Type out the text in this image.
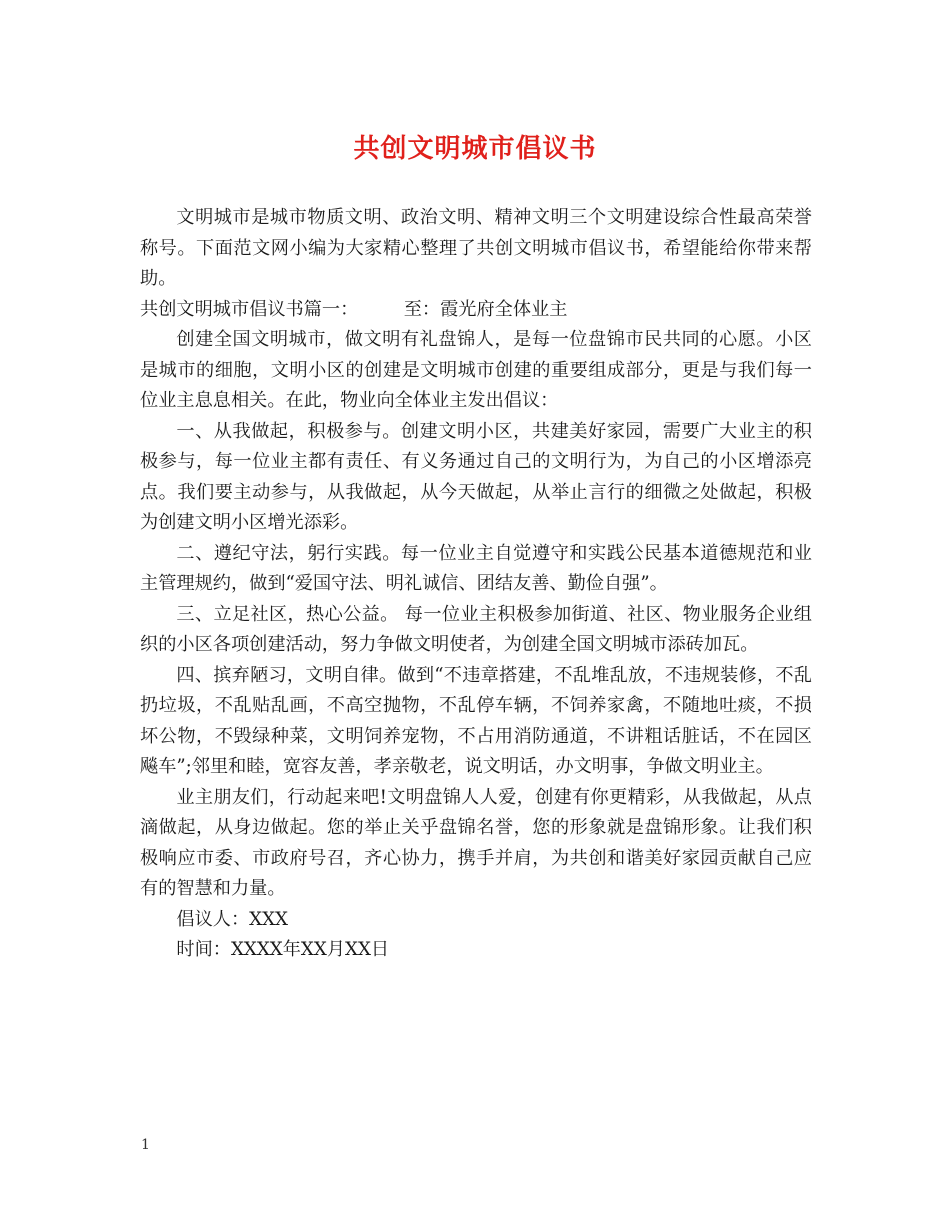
共创文明城市倡议书

文明城市是城市物质文明、政治文明、精神文明三个文明建设综合性最高荣誉称号。下面范文网小编为大家精心整理了共创文明城市倡议书，希望能给你带来帮助。

共创文明城市倡议书篇一：　　　至：霞光府全体业主

创建全国文明城市，做文明有礼盘锦人，是每一位盘锦市民共同的心愿。小区是城市的细胞，文明小区的创建是文明城市创建的重要组成部分，更是与我们每一位业主息息相关。在此，物业向全体业主发出倡议：

一、从我做起，积极参与。创建文明小区，共建美好家园，需要广大业主的积极参与，每一位业主都有责任、有义务通过自己的文明行为，为自己的小区增添亮点。我们要主动参与，从我做起，从今天做起，从举止言行的细微之处做起，积极为创建文明小区增光添彩。

二、遵纪守法，躬行实践。每一位业主自觉遵守和实践公民基本道德规范和业主管理规约，做到“爱国守法、明礼诚信、团结友善、勤俭自强”。

三、立足社区，热心公益。 每一位业主积极参加街道、社区、物业服务企业组织的小区各项创建活动，努力争做文明使者，为创建全国文明城市添砖加瓦。

四、摈弃陋习，文明自律。做到“不违章搭建，不乱堆乱放，不违规装修，不乱扔垃圾，不乱贴乱画，不高空抛物，不乱停车辆，不饲养家禽，不随地吐痰，不损坏公物，不毁绿种菜，文明饲养宠物，不占用消防通道，不讲粗话脏话，不在园区飚车”;邻里和睦，宽容友善，孝亲敬老，说文明话，办文明事，争做文明业主。

业主朋友们，行动起来吧!文明盘锦人人爱，创建有你更精彩，从我做起，从点滴做起，从身边做起。您的举止关乎盘锦名誉，您的形象就是盘锦形象。让我们积极响应市委、市政府号召，齐心协力，携手并肩，为共创和谐美好家园贡献自己应有的智慧和力量。

倡议人：XXX

时间：XXXX年XX月XX日

1
